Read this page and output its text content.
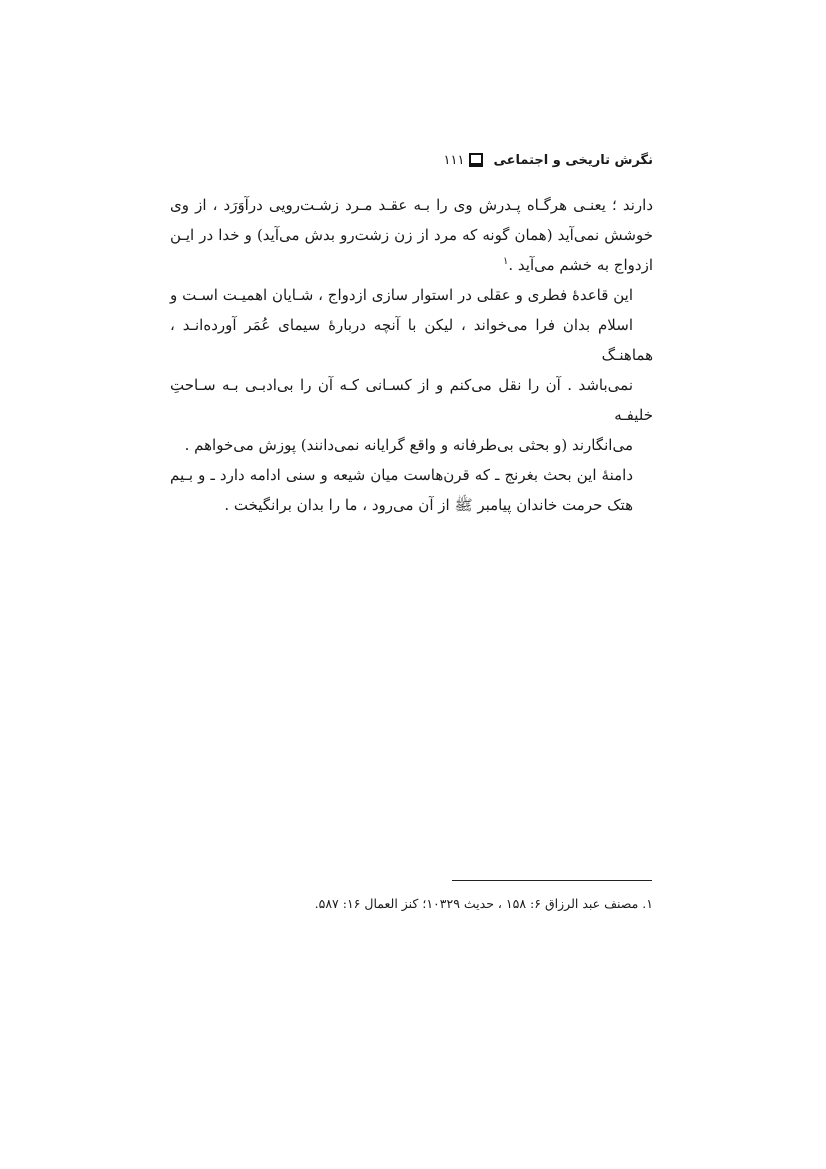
نگرش تاریخی و اجتماعی
۱۱۱

دارند ؛ یعنـی هرگـاه پـدرش وی را بـه عقـد مـرد زشـت‌رویی درآوَرَد ، از وی
خوشش نمی‌آید (همان گونه که مرد از زن زشت‌رو بدش می‌آید) و خدا در ایـن
ازدواج به خشم می‌آید .$^۱$

این قاعدهٔ فطری و عقلی در استوار سازی ازدواج ، شـایان اهمیـت اسـت و
اسلام بدان فرا می‌خواند ، لیکن با آنچه دربارهٔ سیمای عُمَر آورده‌انـد ، هماهنـگ
نمی‌باشد . آن را نقل می‌کنم و از کسـانی کـه آن را بی‌ادبـی بـه سـاحتِ خلیفـه
می‌انگارند (و بحثی بی‌طرفانه و واقع گرایانه نمی‌دانند) پوزش می‌خواهم .

دامنهٔ این بحث بغرنج ـ که قرن‌هاست میان شیعه و سنی ادامه دارد ـ و بـیم
هتک حرمت خاندان پیامبر ﷺ از آن می‌رود ، ما را بدان برانگیخت .

۱. مصنف عبد الرزاق ۶: ۱۵۸ ، حدیث ۱۰۳۲۹؛ کنز العمال ۱۶: ۵۸۷.
